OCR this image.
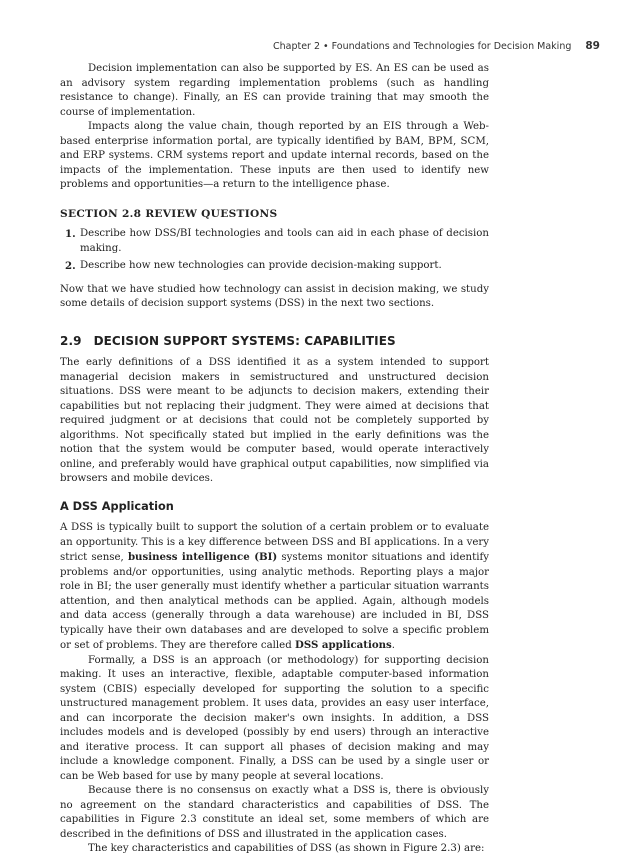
Chapter 2 • Foundations and Technologies for Decision Making 89

Decision implementation can also be supported by ES. An ES can be used as an advisory system regarding implementation problems (such as handling resistance to change). Finally, an ES can provide training that may smooth the course of implementation.

Impacts along the value chain, though reported by an EIS through a Web-based enterprise information portal, are typically identified by BAM, BPM, SCM, and ERP systems. CRM systems report and update internal records, based on the impacts of the implementation. These inputs are then used to identify new problems and opportunities—a return to the intelligence phase.

SECTION 2.8 REVIEW QUESTIONS
1. Describe how DSS/BI technologies and tools can aid in each phase of decision making.
2. Describe how new technologies can provide decision-making support.

Now that we have studied how technology can assist in decision making, we study some details of decision support systems (DSS) in the next two sections.

2.9 DECISION SUPPORT SYSTEMS: CAPABILITIES

The early definitions of a DSS identified it as a system intended to support managerial decision makers in semistructured and unstructured decision situations. DSS were meant to be adjuncts to decision makers, extending their capabilities but not replacing their judgment. They were aimed at decisions that required judgment or at decisions that could not be completely supported by algorithms. Not specifically stated but implied in the early definitions was the notion that the system would be computer based, would operate interactively online, and preferably would have graphical output capabilities, now simplified via browsers and mobile devices.

A DSS Application

A DSS is typically built to support the solution of a certain problem or to evaluate an opportunity. This is a key difference between DSS and BI applications. In a very strict sense, business intelligence (BI) systems monitor situations and identify problems and/or opportunities, using analytic methods. Reporting plays a major role in BI; the user generally must identify whether a particular situation warrants attention, and then analytical methods can be applied. Again, although models and data access (generally through a data warehouse) are included in BI, DSS typically have their own databases and are developed to solve a specific problem or set of problems. They are therefore called DSS applications.

Formally, a DSS is an approach (or methodology) for supporting decision making. It uses an interactive, flexible, adaptable computer-based information system (CBIS) especially developed for supporting the solution to a specific unstructured management problem. It uses data, provides an easy user interface, and can incorporate the decision maker's own insights. In addition, a DSS includes models and is developed (possibly by end users) through an interactive and iterative process. It can support all phases of decision making and may include a knowledge component. Finally, a DSS can be used by a single user or can be Web based for use by many people at several locations.

Because there is no consensus on exactly what a DSS is, there is obviously no agreement on the standard characteristics and capabilities of DSS. The capabilities in Figure 2.3 constitute an ideal set, some members of which are described in the definitions of DSS and illustrated in the application cases.

The key characteristics and capabilities of DSS (as shown in Figure 2.3) are:
